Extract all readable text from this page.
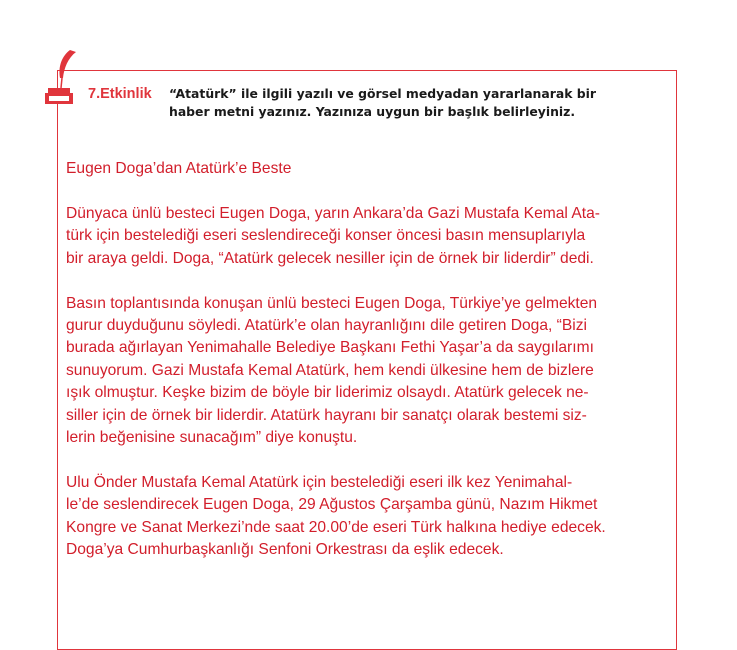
7.Etkinlik	“Atatürk” ile ilgili yazılı ve görsel medyadan yararlanarak bir

haber metni yazınız. Yazınıza uygun bir başlık belirleyiniz.

Eugen Doga’dan Atatürk’e Beste

Dünyaca ünlü besteci Eugen Doga, yarın Ankara’da Gazi Mustafa Kemal Ata-
türk için bestelediği eseri seslendireceği konser öncesi basın mensuplarıyla
bir araya geldi. Doga, “Atatürk gelecek nesiller için de örnek bir liderdir” dedi.

Basın toplantısında konuşan ünlü besteci Eugen Doga, Türkiye’ye gelmekten
gurur duyduğunu söyledi. Atatürk’e olan hayranlığını dile getiren Doga, “Bizi
burada ağırlayan Yenimahalle Belediye Başkanı Fethi Yaşar’a da saygılarımı
sunuyorum. Gazi Mustafa Kemal Atatürk, hem kendi ülkesine hem de bizlere
ışık olmuştur. Keşke bizim de böyle bir liderimiz olsaydı. Atatürk gelecek ne-
siller için de örnek bir liderdir. Atatürk hayranı bir sanatçı olarak bestemi siz-
lerin beğenisine sunacağım” diye konuştu.

Ulu Önder Mustafa Kemal Atatürk için bestelediği eseri ilk kez Yenimahal-
le’de seslendirecek Eugen Doga, 29 Ağustos Çarşamba günü, Nazım Hikmet
Kongre ve Sanat Merkezi’nde saat 20.00’de eseri Türk halkına hediye edecek.
Doga’ya Cumhurbaşkanlığı Senfoni Orkestrası da eşlik edecek.
